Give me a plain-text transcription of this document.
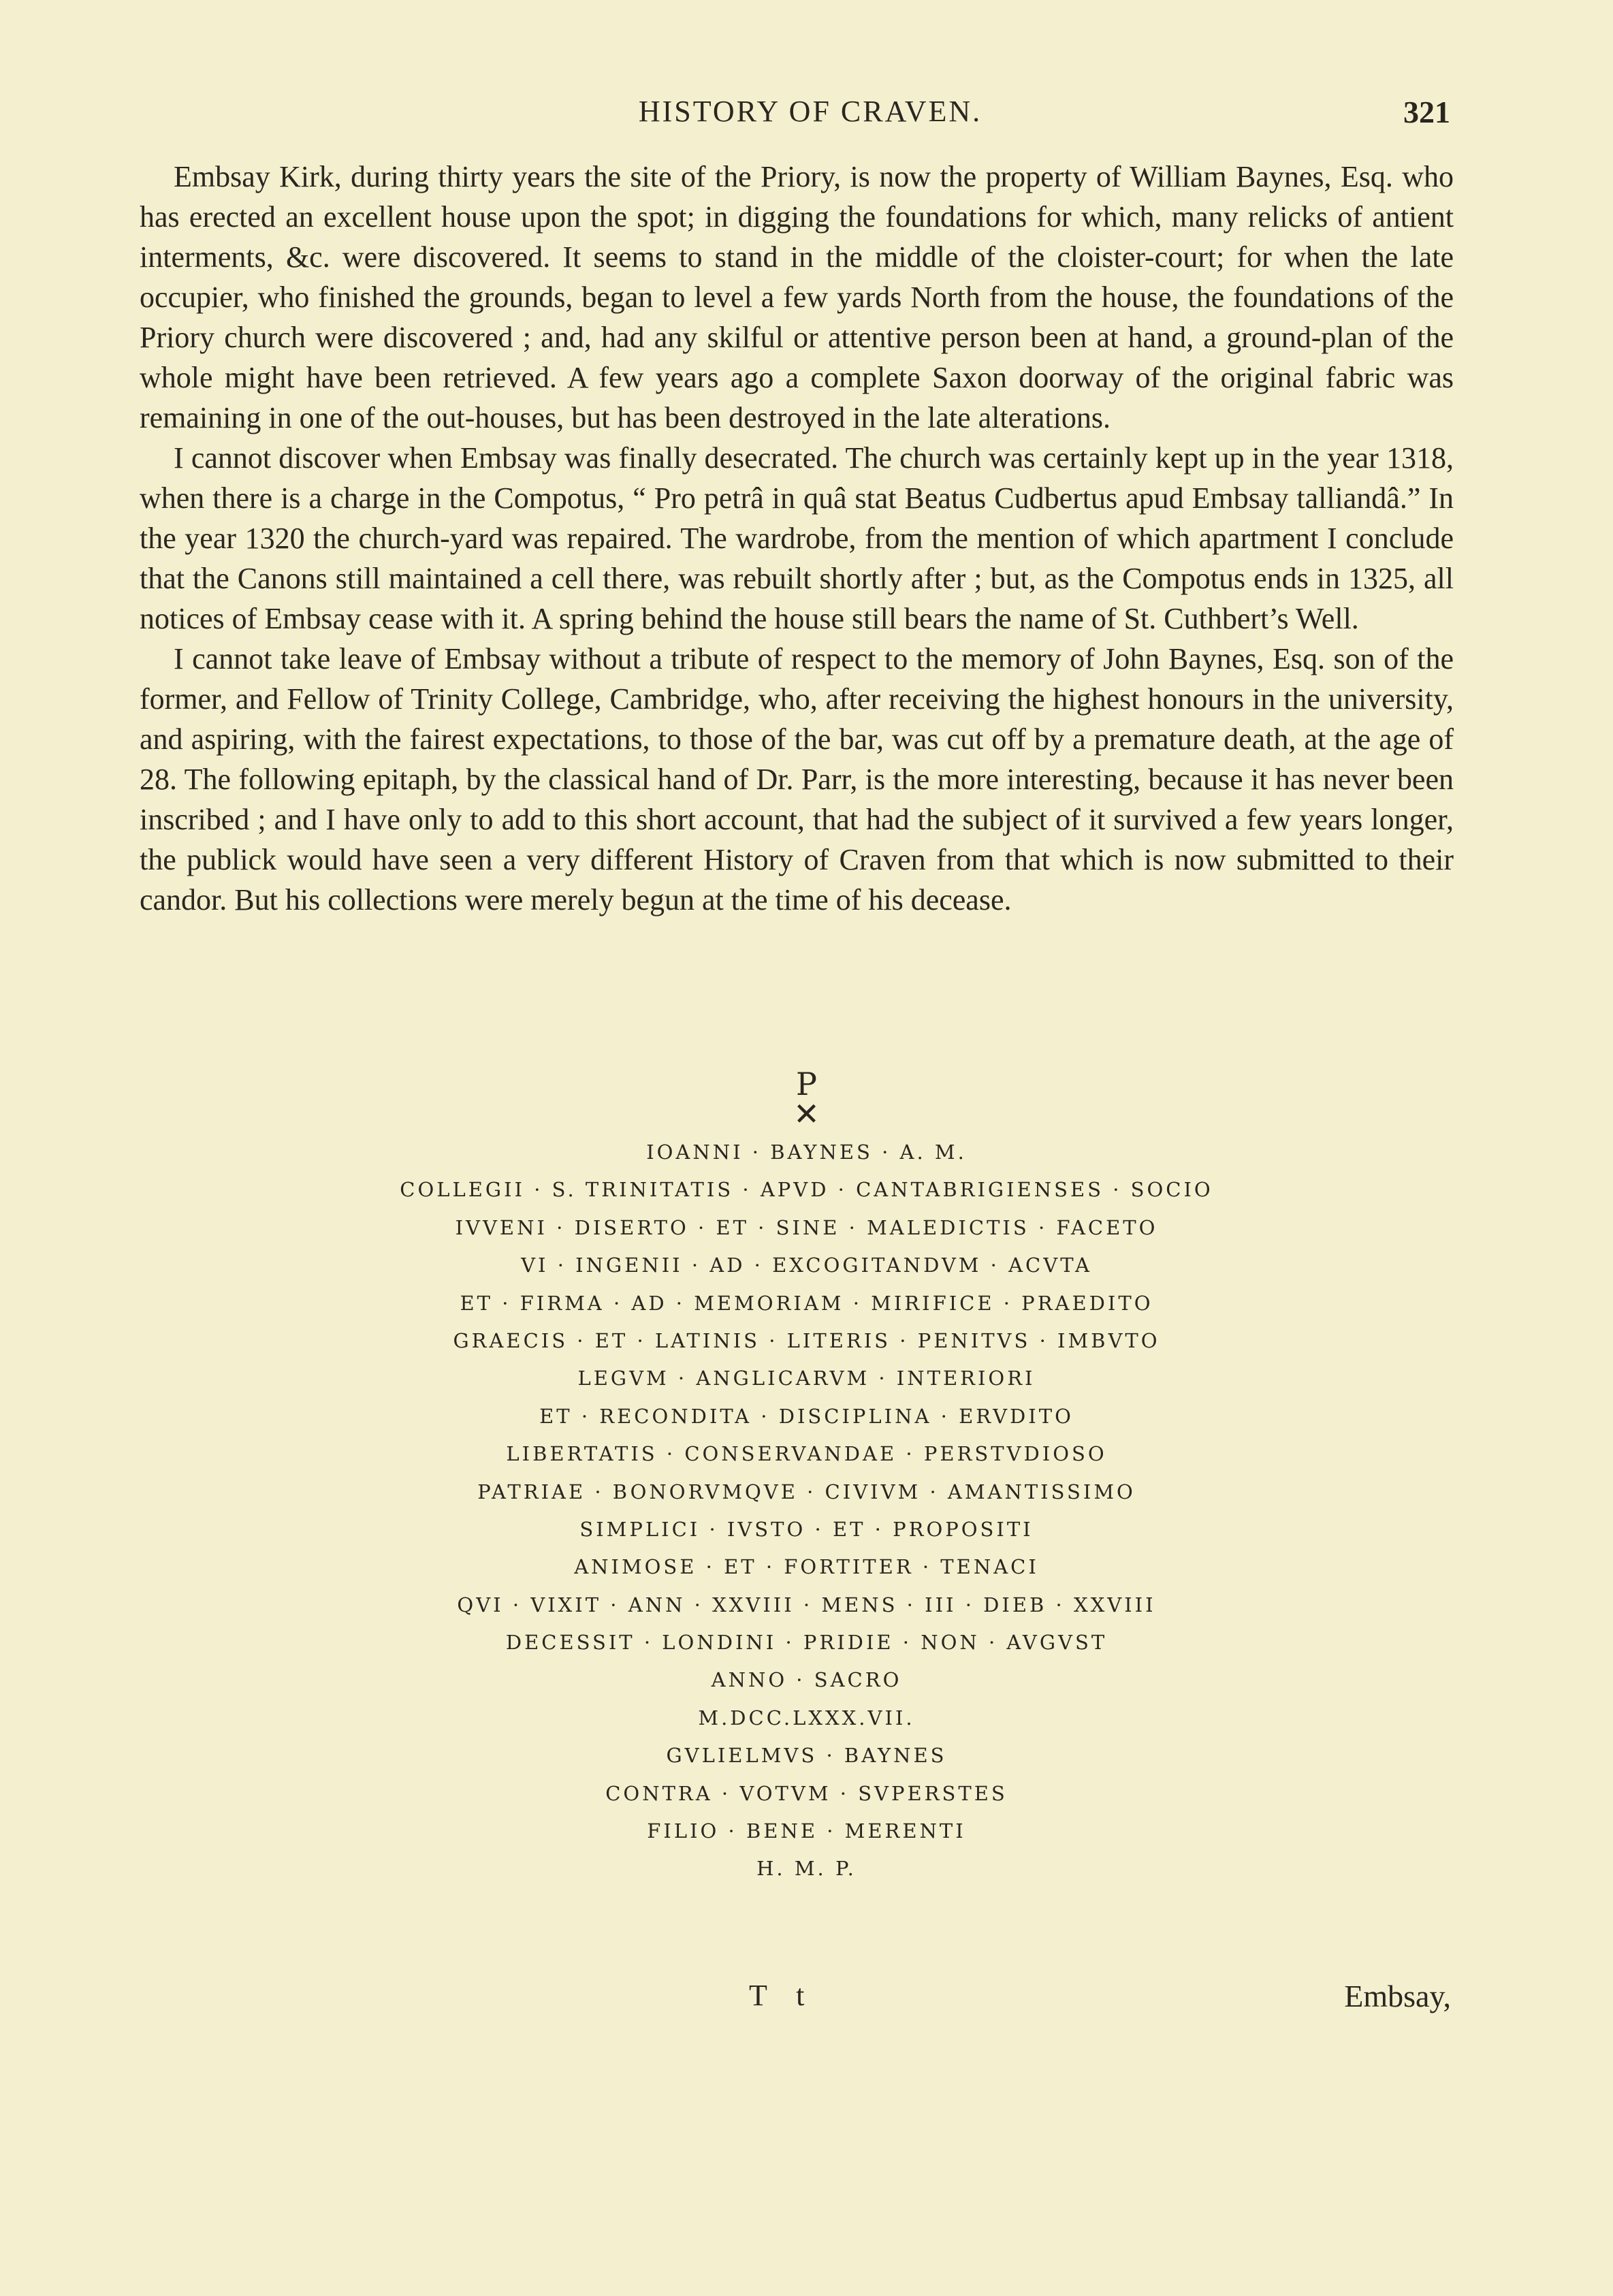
HISTORY OF CRAVEN.	321

Embsay Kirk, during thirty years the site of the Priory, is now the property of William Baynes, Esq. who has erected an excellent house upon the spot; in digging the foundations for which, many relicks of antient interments, &c. were discovered. It seems to stand in the middle of the cloister-court; for when the late occupier, who finished the grounds, began to level a few yards North from the house, the foundations of the Priory church were discovered ; and, had any skilful or attentive person been at hand, a ground-plan of the whole might have been retrieved. A few years ago a complete Saxon doorway of the original fabric was remaining in one of the out-houses, but has been destroyed in the late alterations.

I cannot discover when Embsay was finally desecrated. The church was certainly kept up in the year 1318, when there is a charge in the Compotus, “ Pro petrâ in quâ stat Beatus Cudbertus apud Embsay talliandâ.” In the year 1320 the church-yard was repaired. The wardrobe, from the mention of which apartment I conclude that the Canons still maintained a cell there, was rebuilt shortly after ; but, as the Compotus ends in 1325, all notices of Embsay cease with it. A spring behind the house still bears the name of St. Cuthbert’s Well.

I cannot take leave of Embsay without a tribute of respect to the memory of John Baynes, Esq. son of the former, and Fellow of Trinity College, Cambridge, who, after receiving the highest honours in the university, and aspiring, with the fairest expectations, to those of the bar, was cut off by a premature death, at the age of 28. The following epitaph, by the classical hand of Dr. Parr, is the more interesting, because it has never been inscribed ; and I have only to add to this short account, that had the subject of it survived a few years longer, the publick would have seen a very different History of Craven from that which is now submitted to their candor. But his collections were merely begun at the time of his decease.

P
✕
IOANNI · BAYNES · A. M.
COLLEGII · S. TRINITATIS · APVD · CANTABRIGIENSES · SOCIO
IVVENI · DISERTO · ET · SINE · MALEDICTIS · FACETO
VI · INGENII · AD · EXCOGITANDVM · ACVTA
ET · FIRMA · AD · MEMORIAM · MIRIFICE · PRAEDITO
GRAECIS · ET · LATINIS · LITERIS · PENITVS · IMBVTO
LEGVM · ANGLICARVM · INTERIORI
ET · RECONDITA · DISCIPLINA · ERVDITO
LIBERTATIS · CONSERVANDAE · PERSTVDIOSO
PATRIAE · BONORVMQVE · CIVIVM · AMANTISSIMO
SIMPLICI · IVSTO · ET · PROPOSITI
ANIMOSE · ET · FORTITER · TENACI
QVI · VIXIT · ANN · XXVIII · MENS · III · DIEB · XXVIII
DECESSIT · LONDINI · PRIDIE · NON · AVGVST
ANNO · SACRO
M.DCC.LXXX.VII.
GVLIELMVS · BAYNES
CONTRA · VOTVM · SVPERSTES
FILIO · BENE · MERENTI
H. M. P.
T t	Embsay,
